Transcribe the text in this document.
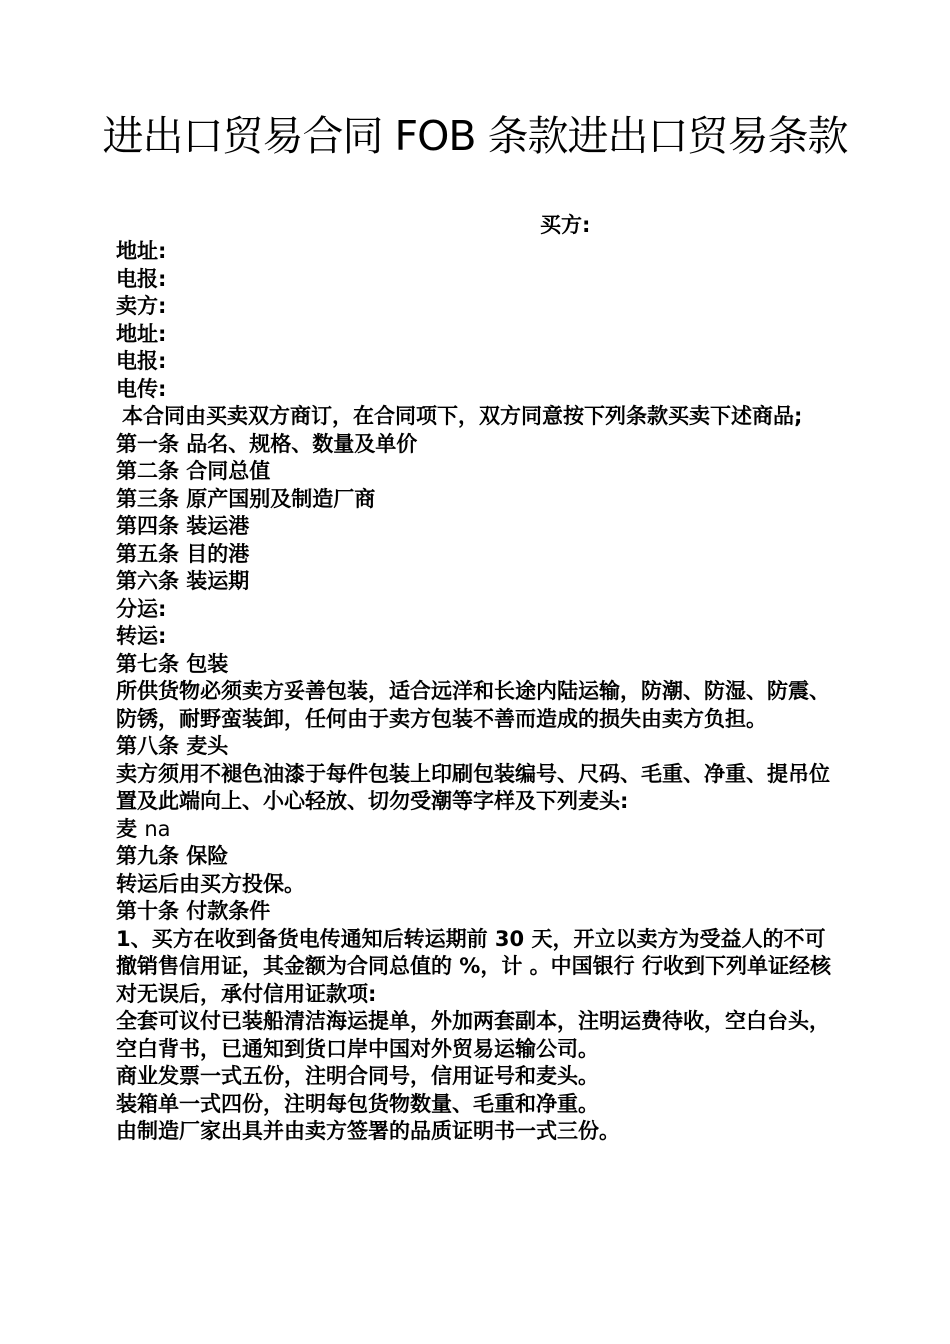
进出口贸易合同 FOB 条款进出口贸易条款
买方:
地址:
电报:
卖方:
地址:
电报:
电传:
本合同由买卖双方商订，在合同项下，双方同意按下列条款买卖下述商品;
第一条 品名、规格、数量及单价
第二条 合同总值
第三条 原产国别及制造厂商
第四条 装运港
第五条 目的港
第六条 装运期
分运:
转运:
第七条 包装
所供货物必须卖方妥善包装，适合远洋和长途内陆运输，防潮、防湿、防震、防锈，耐野蛮装卸，任何由于卖方包装不善而造成的损失由卖方负担。
第八条 麦头
卖方须用不褪色油漆于每件包装上印刷包装编号、尺码、毛重、净重、提吊位置及此端向上、小心轻放、切勿受潮等字样及下列麦头:
麦 na
第九条 保险
转运后由买方投保。
第十条 付款条件
1、买方在收到备货电传通知后转运期前 30 天，开立以卖方为受益人的不可撤销售信用证，其金额为合同总值的 %，计 。中国银行 行收到下列单证经核对无误后，承付信用证款项:
全套可议付已装船清洁海运提单，外加两套副本，注明运费待收，空白台头，空白背书，已通知到货口岸中国对外贸易运输公司。
商业发票一式五份，注明合同号，信用证号和麦头。
装箱单一式四份，注明每包货物数量、毛重和净重。
由制造厂家出具并由卖方签署的品质证明书一式三份。
